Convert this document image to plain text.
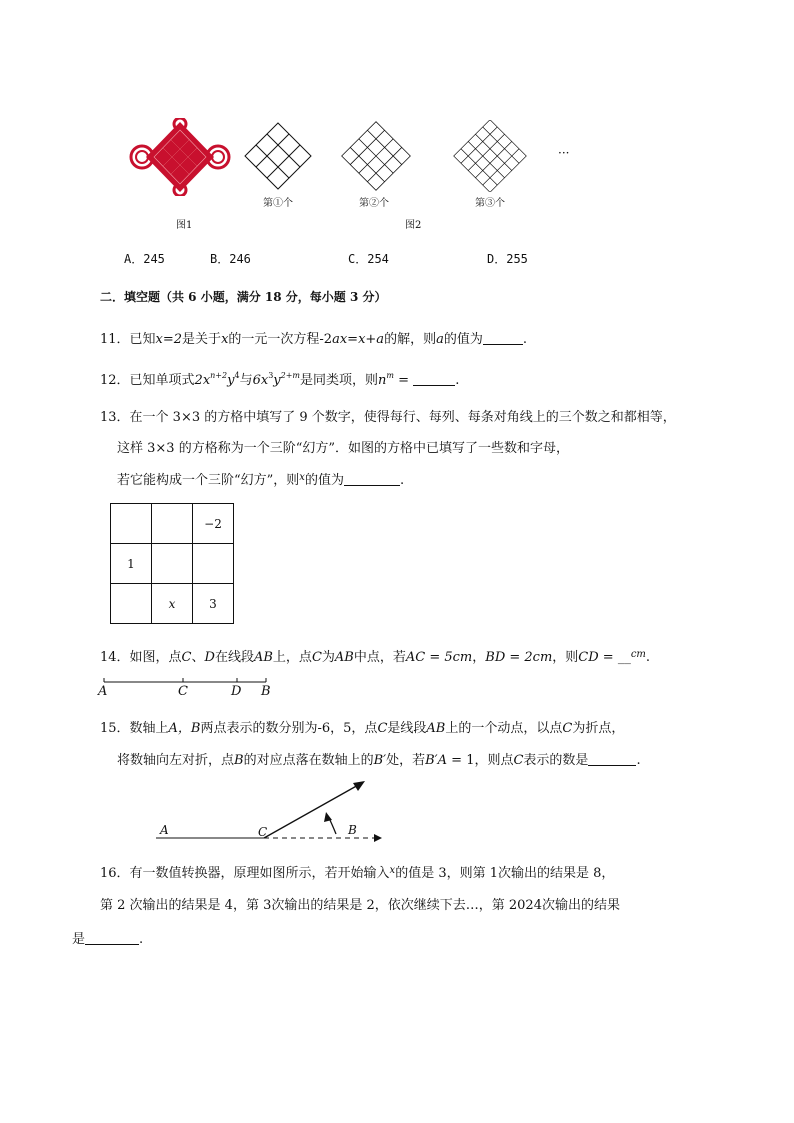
图1
···
第①个	第②个	第③个
图2
A．245	B．246	C．254	D．255
二．填空题（共 6 小题，满分 18 分，每小题 3 分）
11．已知x=2是关于x的一元一次方程-2ax=x+a的解，则a的值为	.
12．已知单项式$2x^{n+2}y^4$与$6x^3y^{2+m}$是同类项，则$n^m$ =	.
13．在一个 3×3 的方格中填写了 9 个数字，使得每行、每列、每条对角线上的三个数之和都相等，
这样 3×3 的方格称为一个三阶“幻方”．如图的方格中已填写了一些数和字母，
若它能构成一个三阶“幻方”，则$^x$的值为	.
		−2
1		
	x	3
14．如图，点C、D在线段AB上，点C为AB中点，若AC = 5cm，BD = 2cm，则CD = __$^{cm}$.
A	C	D B
15．数轴上A，B两点表示的数分别为-6，5，点C是线段AB上的一个动点，以点C为折点，
将数轴向左对折，点B的对应点落在数轴上的B′处，若B′A = 1，则点C表示的数是	.
A	C	B
16．有一数值转换器，原理如图所示，若开始输入$^x$的值是 3，则第 1次输出的结果是 8，
第 2 次输出的结果是 4，第 3次输出的结果是 2，依次继续下去…，第 2024次输出的结果
是	.
